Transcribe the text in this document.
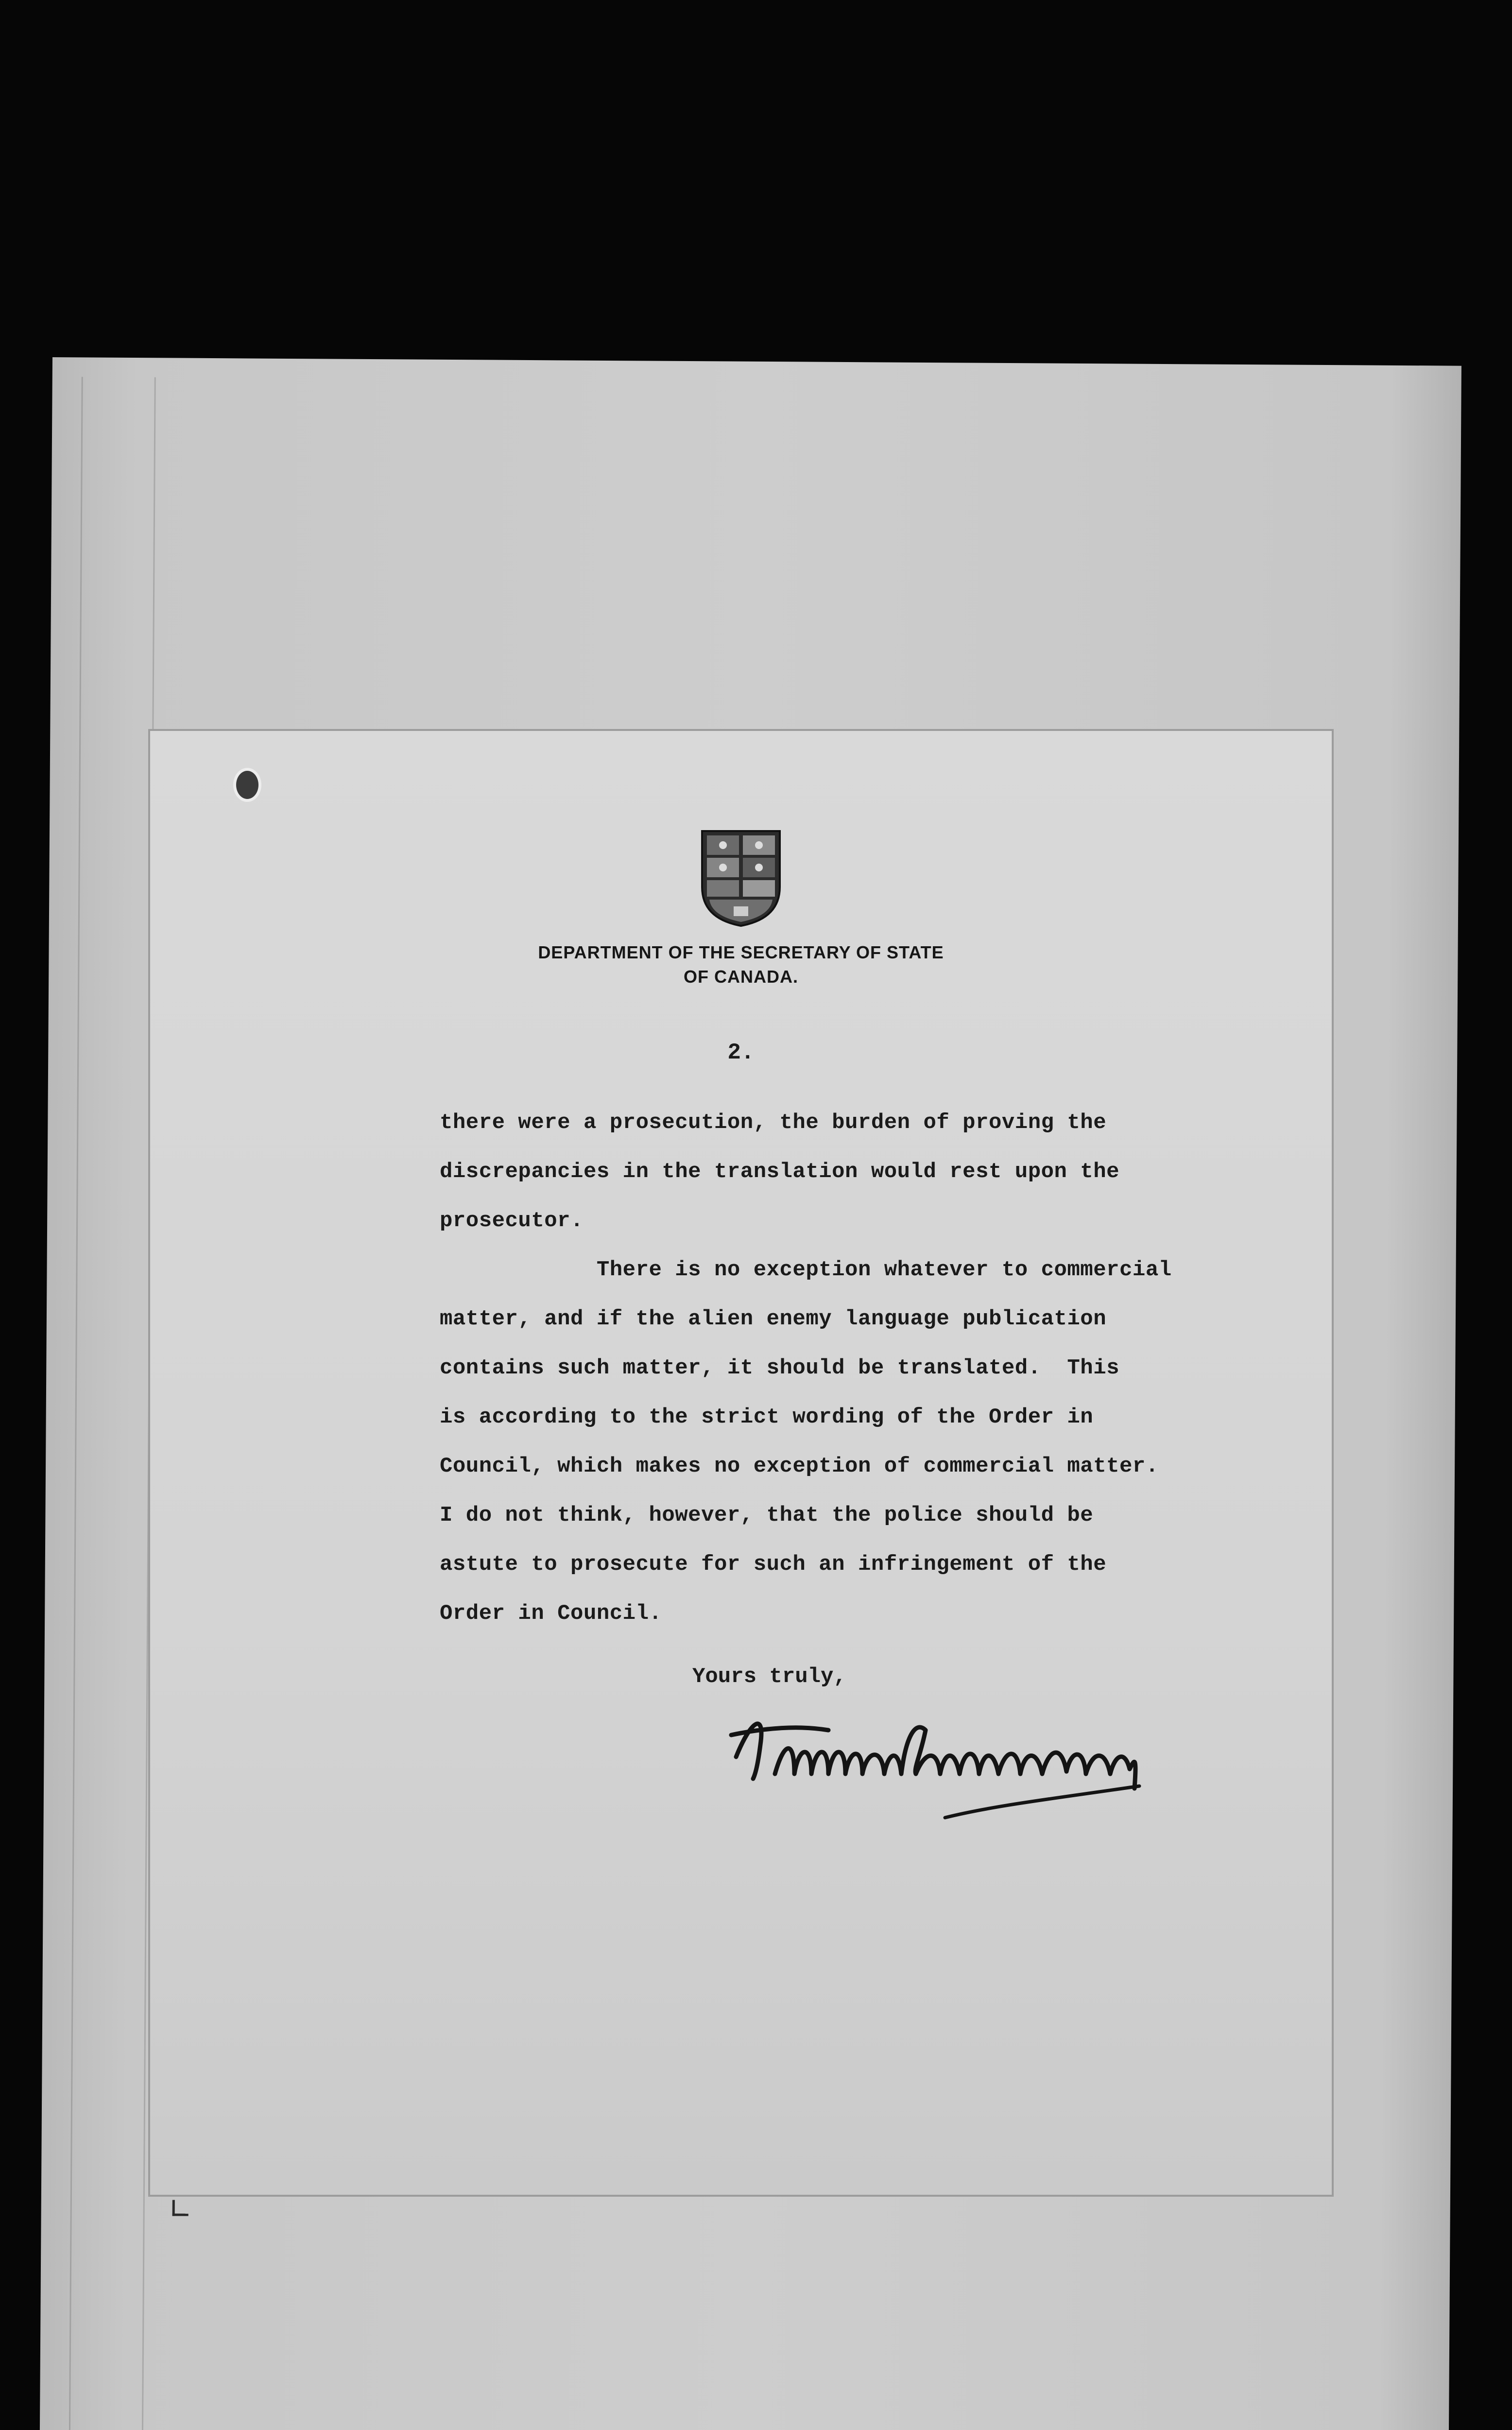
DEPARTMENT OF THE SECRETARY OF STATE
OF CANADA.
2.

there were a prosecution, the burden of proving the

discrepancies in the translation would rest upon the

prosecutor.

There is no exception whatever to commercial

matter, and if the alien enemy language publication

contains such matter, it should be translated.  This

is according to the strict wording of the Order in

Council, which makes no exception of commercial matter.

I do not think, however, that the police should be

astute to prosecute for such an infringement of the

Order in Council.

Yours truly,
